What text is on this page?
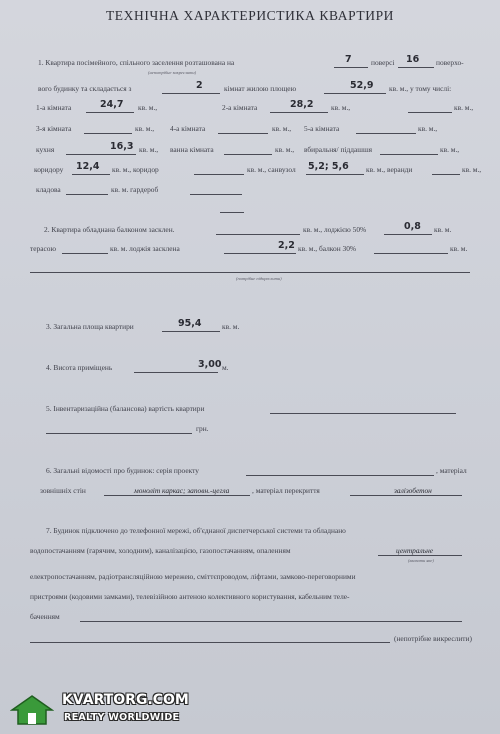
ТЕХНІЧНА ХАРАКТЕРИСТИКА КВАРТИРИ
1. Квартира посімейного, спільного заселення розташована на	7	поверсі 16 поверхо-
(непотрібне закреслити)
вого будинку та складається з	2	кімнат жилою площею	52,9 кв. м., у тому числі:
1-а кімната	24,7 кв. м.,	2-а кімната	28,2 кв. м.,	кв. м.,
3-я кімната	кв. м., 4-а кімната	кв. м., 5-а кімната	кв. м.,
кухня	16,3 кв. м., ванна кімната	кв. м., вбиральня/ піддашшя	кв. м.,
коридору 12,4 кв. м., коридор	кв. м., санвузол 5,2; 5,6 кв. м., веранди	кв. м.,
кладова	кв. м. гардероб
2. Квартира обладнана балконом засклен.	кв. м., лоджією 50%	0,8 кв. м.
терасою	кв. м. лоджія засклена	2,2 кв. м., балкон 30%	кв. м.
(потрібне підкреслити)
3. Загальна площа квартири	95,4	кв. м.
4. Висота приміщень	3,00 м.
5. Інвентаризаційна (балансова) вартість квартири
грн.
6. Загальні відомості про будинок: серія проекту	, матеріал
зовнішніх стін	моноліт каркас; заповн.-цегла	, матеріал перекриття	залізобетон
7. Будинок підключено до телефонної мережі, об'єднаної диспетчерської системи та обладнано
водопостачанням (гарячим, холодним), каналізацією, газопостачанням, опаленням	центральне
(вказати яке)
електропостачанням, радіотрансляційною мережею, сміттєпроводом, ліфтами, замково-переговорними
пристроями (кодовими замками), телевізійною антеною колективного користування, кабельним теле-
баченням
(непотрібне викреслити)
KVARTORG.COM
REALTY WORLDWIDE
